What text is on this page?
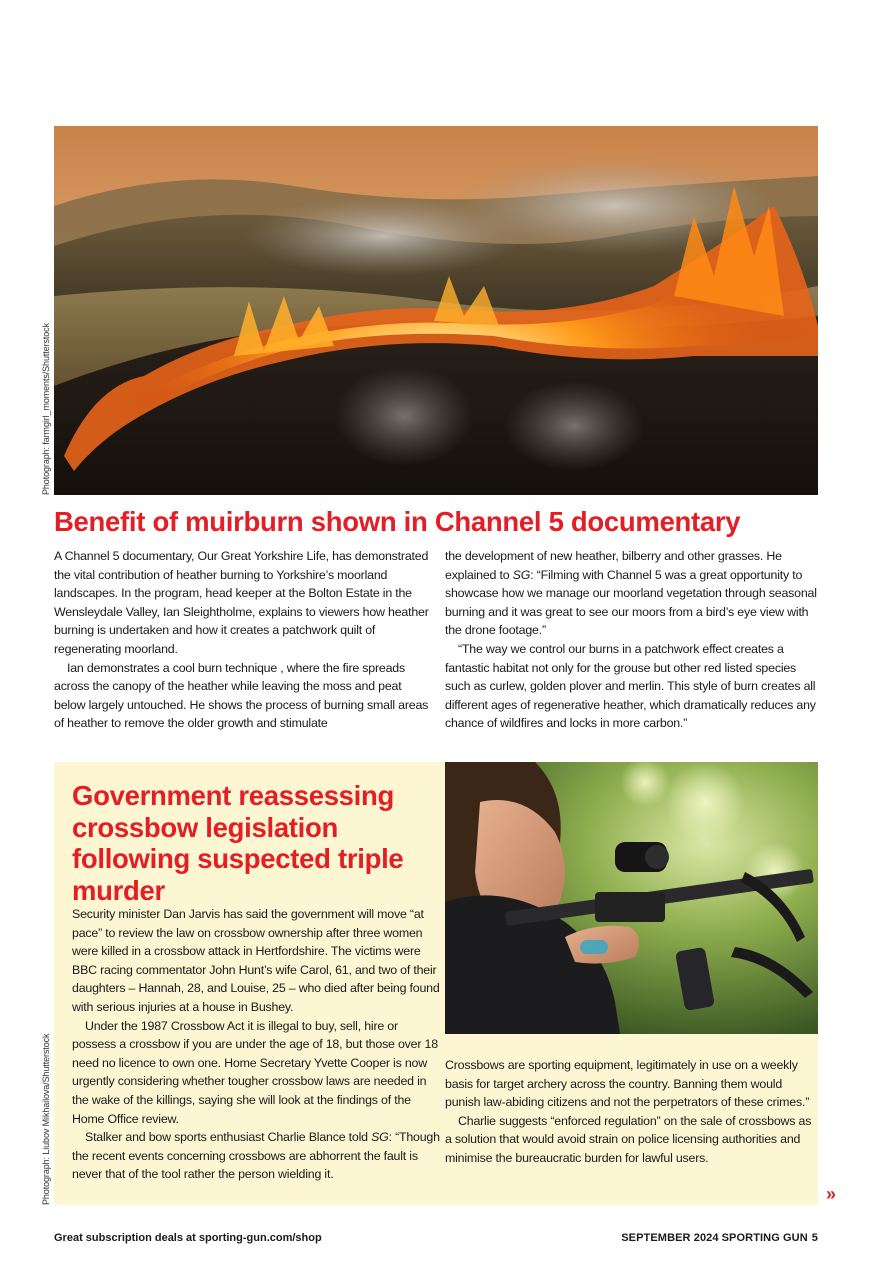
Photograph: farmgirl_moments/Shutterstock
Benefit of muirburn shown in Channel 5 documentary

A Channel 5 documentary, Our Great Yorkshire Life, has demonstrated the vital contribution of heather burning to Yorkshire’s moorland landscapes. In the program, head keeper at the Bolton Estate in the Wensleydale Valley, Ian Sleightholme, explains to viewers how heather burning is undertaken and how it creates a patchwork quilt of regenerating moorland.

Ian demonstrates a cool burn technique , where the fire spreads across the canopy of the heather while leaving the moss and peat below largely untouched. He shows the process of burning small areas of heather to remove the older growth and stimulate

the development of new heather, bilberry and other grasses. He explained to SG: “Filming with Channel 5 was a great opportunity to showcase how we manage our moorland vegetation through seasonal burning and it was great to see our moors from a bird’s eye view with the drone footage.”

“The way we control our burns in a patchwork effect creates a fantastic habitat not only for the grouse but other red listed species such as curlew, golden plover and merlin. This style of burn creates all different ages of regenerative heather, which dramatically reduces any chance of wildfires and locks in more carbon.”

Photograph: Liubov Mikhailova/Shutterstock
Government reassessing crossbow legislation following suspected triple murder

Security minister Dan Jarvis has said the government will move “at pace” to review the law on crossbow ownership after three women were killed in a crossbow attack in Hertfordshire. The victims were BBC racing commentator John Hunt’s wife Carol, 61, and two of their daughters – Hannah, 28, and Louise, 25 – who died after being found with serious injuries at a house in Bushey.

Under the 1987 Crossbow Act it is illegal to buy, sell, hire or possess a crossbow if you are under the age of 18, but those over 18 need no licence to own one. Home Secretary Yvette Cooper is now urgently considering whether tougher crossbow laws are needed in the wake of the killings, saying she will look at the findings of the Home Office review.

Stalker and bow sports enthusiast Charlie Blance told SG: “Though the recent events concerning crossbows are abhorrent the fault is never that of the tool rather the person wielding it.

Crossbows are sporting equipment, legitimately in use on a weekly basis for target archery across the country. Banning them would punish law-abiding citizens and not the perpetrators of these crimes.”

Charlie suggests “enforced regulation” on the sale of crossbows as a solution that would avoid strain on police licensing authorities and minimise the bureaucratic burden for lawful users.

»
Great subscription deals at sporting-gun.com/shop	SEPTEMBER 2024 SPORTING GUN 5
